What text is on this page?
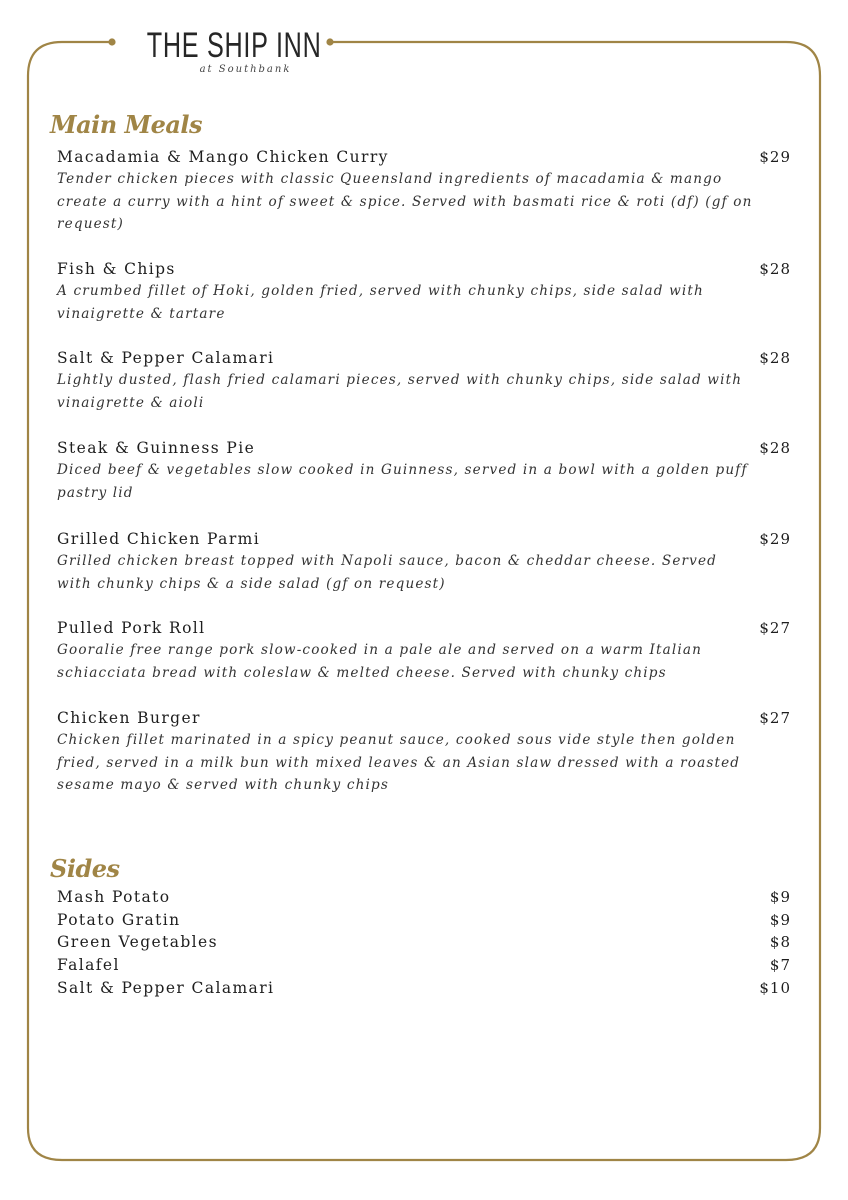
THE SHIP INN
at Southbank
Main Meals
Macadamia & Mango Chicken Curry	$29
Tender chicken pieces with classic Queensland ingredients of macadamia & mango create a curry with a hint of sweet & spice. Served with basmati rice & roti (df) (gf on request)
Fish & Chips	$28
A crumbed fillet of Hoki, golden fried, served with chunky chips, side salad with vinaigrette & tartare
Salt & Pepper Calamari	$28
Lightly dusted, flash fried calamari pieces, served with chunky chips, side salad with vinaigrette & aioli
Steak & Guinness Pie	$28
Diced beef & vegetables slow cooked in Guinness, served in a bowl with a golden puff pastry lid
Grilled Chicken Parmi	$29
Grilled chicken breast topped with Napoli sauce, bacon & cheddar cheese. Served with chunky chips & a side salad (gf on request)
Pulled Pork Roll	$27
Gooralie free range pork slow-cooked in a pale ale and served on a warm Italian schiacciata bread with coleslaw & melted cheese. Served with chunky chips
Chicken Burger	$27
Chicken fillet marinated in a spicy peanut sauce, cooked sous vide style then golden fried, served in a milk bun with mixed leaves & an Asian slaw dressed with a roasted sesame mayo & served with chunky chips
Sides
Mash Potato	$9
Potato Gratin	$9
Green Vegetables	$8
Falafel	$7
Salt & Pepper Calamari	$10
